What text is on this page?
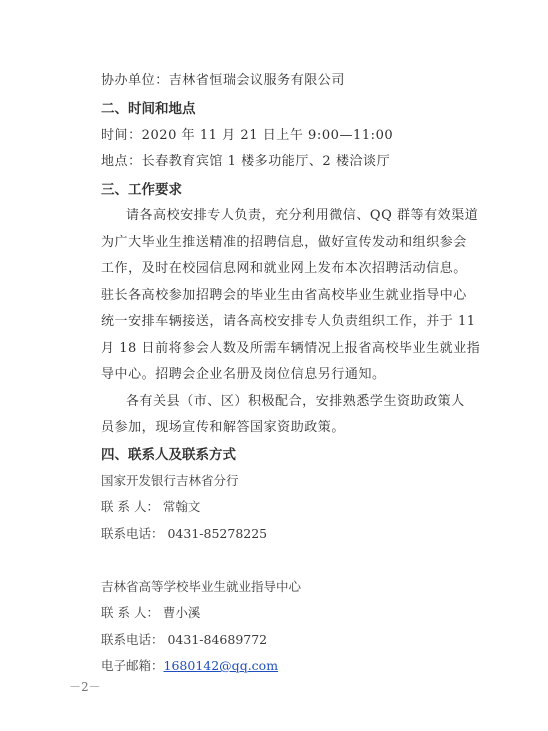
协办单位：吉林省恒瑞会议服务有限公司
二、时间和地点
时间：2020 年 11 月 21 日上午 9:00—11:00
地点：长春教育宾馆 1 楼多功能厅、2 楼洽谈厅
三、工作要求
请各高校安排专人负责，充分利用微信、QQ 群等有效渠道
为广大毕业生推送精准的招聘信息，做好宣传发动和组织参会
工作，及时在校园信息网和就业网上发布本次招聘活动信息。
驻长各高校参加招聘会的毕业生由省高校毕业生就业指导中心
统一安排车辆接送，请各高校安排专人负责组织工作，并于 11
月 18 日前将参会人数及所需车辆情况上报省高校毕业生就业指
导中心。招聘会企业名册及岗位信息另行通知。
各有关县（市、区）积极配合，安排熟悉学生资助政策人
员参加，现场宣传和解答国家资助政策。
四、联系人及联系方式
国家开发银行吉林省分行
联 系 人： 常翰文
联系电话： 0431-85278225
吉林省高等学校毕业生就业指导中心
联 系 人： 曹小溪
联系电话： 0431-84689772
电子邮箱：1680142@qq.com
－2－
